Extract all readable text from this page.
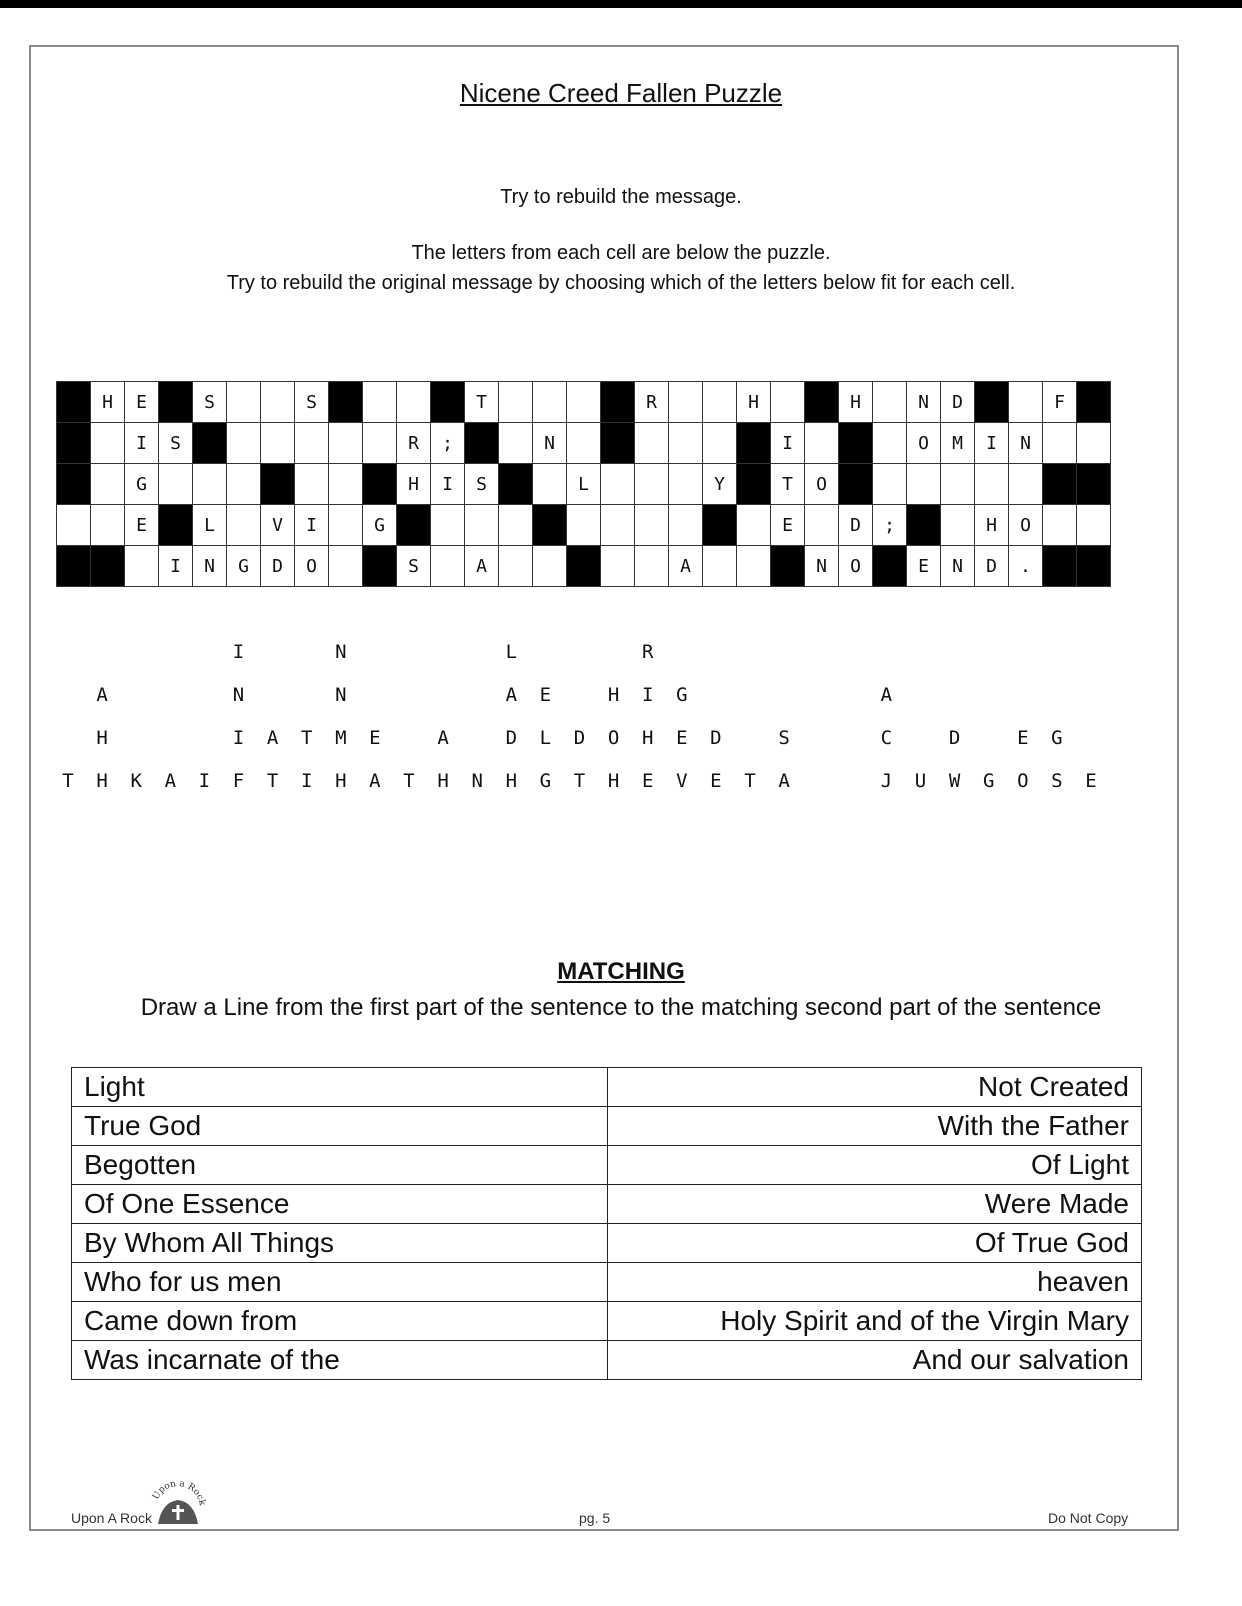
Nicene Creed Fallen Puzzle
Try to rebuild the message.
The letters from each cell are below the puzzle.
Try to rebuild the original message by choosing which of the letters below fit for each cell.
	H	E		S			S					T					R			H			H		N	D			F	
		I	S							R	;			N							I				O	M	I	N		
		G								H	I	S			L				Y		T	O								
		E		L		V	I		G												E		D	;			H	O		
			I	N	G	D	O			S		A						A				N	O		E	N	D	.		
I	N	L	R
A	N	N	A	E	H	I	G	A
H	I	A	T	M	E	A	D	L	D	O	H	E	D	S	C	D	E	G
T	H	K	A	I	F	T	I	H	A	T	H	N	H	G	T	H	E	V	E	T	A	J	U	W	G	O	S	E
MATCHING
Draw a Line from the first part of the sentence to the matching second part of the sentence
Light	Not Created
True God	With the Father
Begotten	Of Light
Of One Essence	Were Made
By Whom All Things	Of True God
Who for us men	heaven
Came down from	Holy Spirit and of the Virgin Mary
Was incarnate of the	And our salvation
Upon A Rock
Upon a Rock
pg. 5	Do Not Copy
